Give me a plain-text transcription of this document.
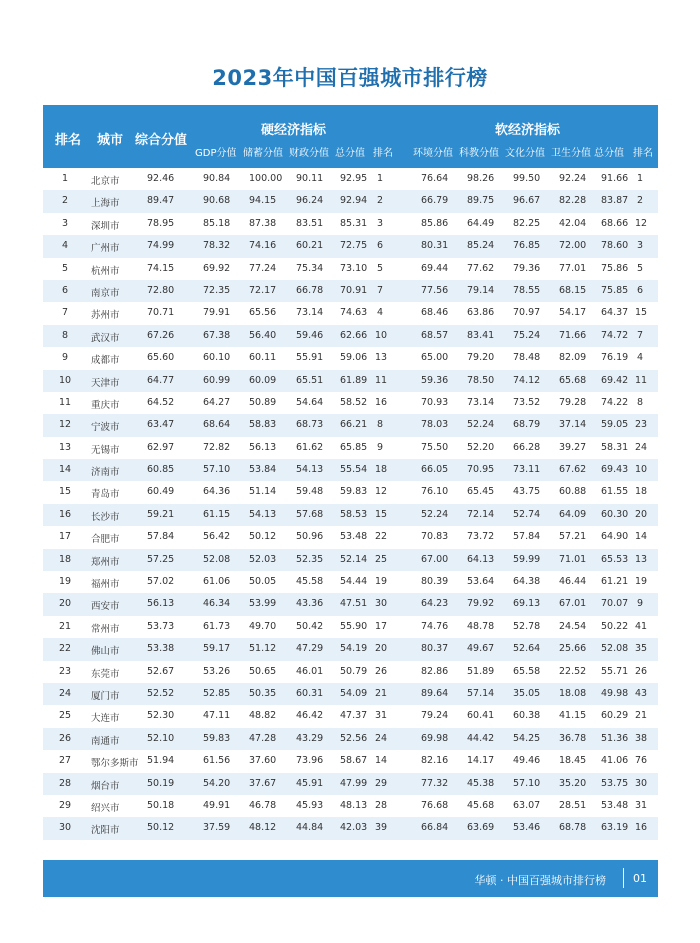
2023年中国百强城市排行榜
排名 城市 综合分值
硬经济指标	软经济指标
GDP分值 储蓄分值 财政分值 总分值 排名 环境分值 科教分值 文化分值 卫生分值 总分值 排名
1 北京市	92.46	90.84 100.00 90.11 92.95 1	76.64 98.26 99.50 92.24 91.66 1
2 上海市	89.47	90.68 94.15 96.24 92.94 2	66.79 89.75 96.67 82.28 83.87 2
3 深圳市	78.95	85.18 87.38 83.51 85.31 3	85.86 64.49 82.25 42.04 68.66 12
4 广州市	74.99	78.32 74.16 60.21 72.75 6	80.31 85.24 76.85 72.00 78.60 3
5 杭州市	74.15	69.92 77.24 75.34 73.10 5	69.44 77.62 79.36 77.01 75.86 5
6 南京市	72.80	72.35 72.17 66.78 70.91 7	77.56 79.14 78.55 68.15 75.85 6
7 苏州市	70.71	79.91 65.56 73.14 74.63 4	68.46 63.86 70.97 54.17 64.37 15
8 武汉市	67.26	67.38 56.40 59.46 62.66 10	68.57 83.41 75.24 71.66 74.72 7
9 成都市	65.60	60.10 60.11 55.91 59.06 13	65.00 79.20 78.48 82.09 76.19 4
10 天津市	64.77	60.99 60.09 65.51 61.89 11	59.36 78.50 74.12 65.68 69.42 11
11 重庆市	64.52	64.27 50.89 54.64 58.52 16	70.93 73.14 73.52 79.28 74.22 8
12 宁波市	63.47	68.64 58.83 68.73 66.21 8	78.03 52.24 68.79 37.14 59.05 23
13 无锡市	62.97	72.82 56.13 61.62 65.85 9	75.50 52.20 66.28 39.27 58.31 24
14 济南市	60.85	57.10 53.84 54.13 55.54 18	66.05 70.95 73.11 67.62 69.43 10
15 青岛市	60.49	64.36 51.14 59.48 59.83 12	76.10 65.45 43.75 60.88 61.55 18
16 长沙市	59.21	61.15 54.13 57.68 58.53 15	52.24 72.14 52.74 64.09 60.30 20
17 合肥市	57.84	56.42 50.12 50.96 53.48 22	70.83 73.72 57.84 57.21 64.90 14
18 郑州市	57.25	52.08 52.03 52.35 52.14 25	67.00 64.13 59.99 71.01 65.53 13
19 福州市	57.02	61.06 50.05 45.58 54.44 19	80.39 53.64 64.38 46.44 61.21 19
20 西安市	56.13	46.34 53.99 43.36 47.51 30	64.23 79.92 69.13 67.01 70.07 9
21 常州市	53.73	61.73 49.70 50.42 55.90 17	74.76 48.78 52.78 24.54 50.22 41
22 佛山市	53.38	59.17 51.12 47.29 54.19 20	80.37 49.67 52.64 25.66 52.08 35
23 东莞市	52.67	53.26 50.65 46.01 50.79 26	82.86 51.89 65.58 22.52 55.71 26
24 厦门市	52.52	52.85 50.35 60.31 54.09 21	89.64 57.14 35.05 18.08 49.98 43
25 大连市	52.30	47.11 48.82 46.42 47.37 31	79.24 60.41 60.38 41.15 60.29 21
26 南通市	52.10	59.83 47.28 43.29 52.56 24	69.98 44.42 54.25 36.78 51.36 38
27 鄂尔多斯市 51.94	61.56 37.60 73.96 58.67 14	82.16 14.17 49.46 18.45 41.06 76
28 烟台市	50.19	54.20 37.67 45.91 47.99 29	77.32 45.38 57.10 35.20 53.75 30
29 绍兴市	50.18	49.91 46.78 45.93 48.13 28	76.68 45.68 63.07 28.51 53.48 31
30 沈阳市	50.12	37.59 48.12 44.84 42.03 39	66.84 63.69 53.46 68.78 63.19 16
华顿 · 中国百强城市排行榜 01
